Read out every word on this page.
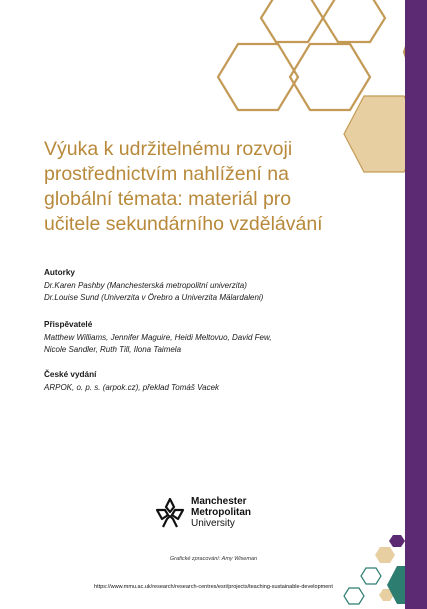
Výuka k udržitelnému rozvoji prostřednictvím nahlížení na globální témata: materiál pro učitele sekundárního vzdělávání
Autorky
Dr.Karen Pashby (Manchesterská metropolitní univerzita)
Dr.Louise Sund (Univerzita v Örebro a Univerzita Mälardaleni)
Přispěvatelé
Matthew Williams, Jennifer Maguire, Heidi Meltovuo, David Few,
Nicole Sandler, Ruth Till, Ilona Taimela
České vydání
ARPOK, o. p. s. (arpok.cz), překlad Tomáš Vacek
Manchester
Metropolitan
University
Grafické zpracování: Amy Wiseman
https://www.mmu.ac.uk/research/research-centres/esri/projects/teaching-sustainable-development
